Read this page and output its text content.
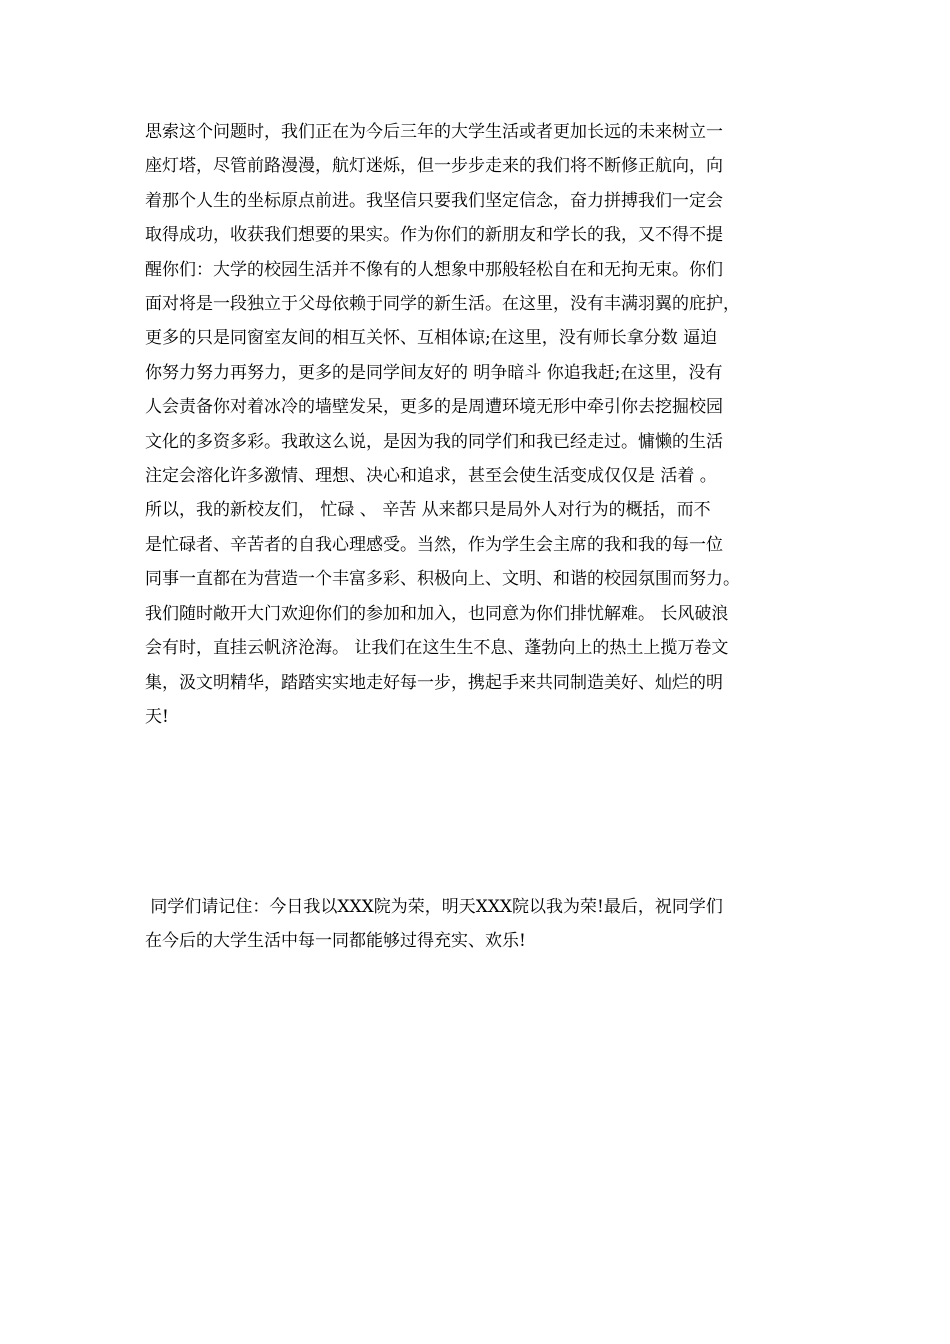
思索这个问题时，我们正在为今后三年的大学生活或者更加长远的未来树立一
座灯塔，尽管前路漫漫，航灯迷烁，但一步步走来的我们将不断修正航向，向
着那个人生的坐标原点前进。我坚信只要我们坚定信念，奋力拼搏我们一定会
取得成功，收获我们想要的果实。作为你们的新朋友和学长的我，又不得不提
醒你们：大学的校园生活并不像有的人想象中那般轻松自在和无拘无束。你们
面对将是一段独立于父母依赖于同学的新生活。在这里，没有丰满羽翼的庇护，
更多的只是同窗室友间的相互关怀、互相体谅;在这里，没有师长拿分数 逼迫
你努力努力再努力，更多的是同学间友好的 明争暗斗 你追我赶;在这里，没有
人会责备你对着冰冷的墙壁发呆，更多的是周遭环境无形中牵引你去挖掘校园
文化的多资多彩。我敢这么说，是因为我的同学们和我已经走过。慵懒的生活
注定会溶化许多激情、理想、决心和追求，甚至会使生活变成仅仅是 活着 。
所以，我的新校友们， 忙碌 、 辛苦 从来都只是局外人对行为的概括，而不
是忙碌者、辛苦者的自我心理感受。当然，作为学生会主席的我和我的每一位
同事一直都在为营造一个丰富多彩、积极向上、文明、和谐的校园氛围而努力。
我们随时敞开大门欢迎你们的参加和加入，也同意为你们排忧解难。 长风破浪
会有时，直挂云帆济沧海。 让我们在这生生不息、蓬勃向上的热土上揽万卷文
集，汲文明精华，踏踏实实地走好每一步，携起手来共同制造美好、灿烂的明
天!

同学们请记住：今日我以XXX院为荣，明天XXX院以我为荣!最后，祝同学们
在今后的大学生活中每一同都能够过得充实、欢乐!
